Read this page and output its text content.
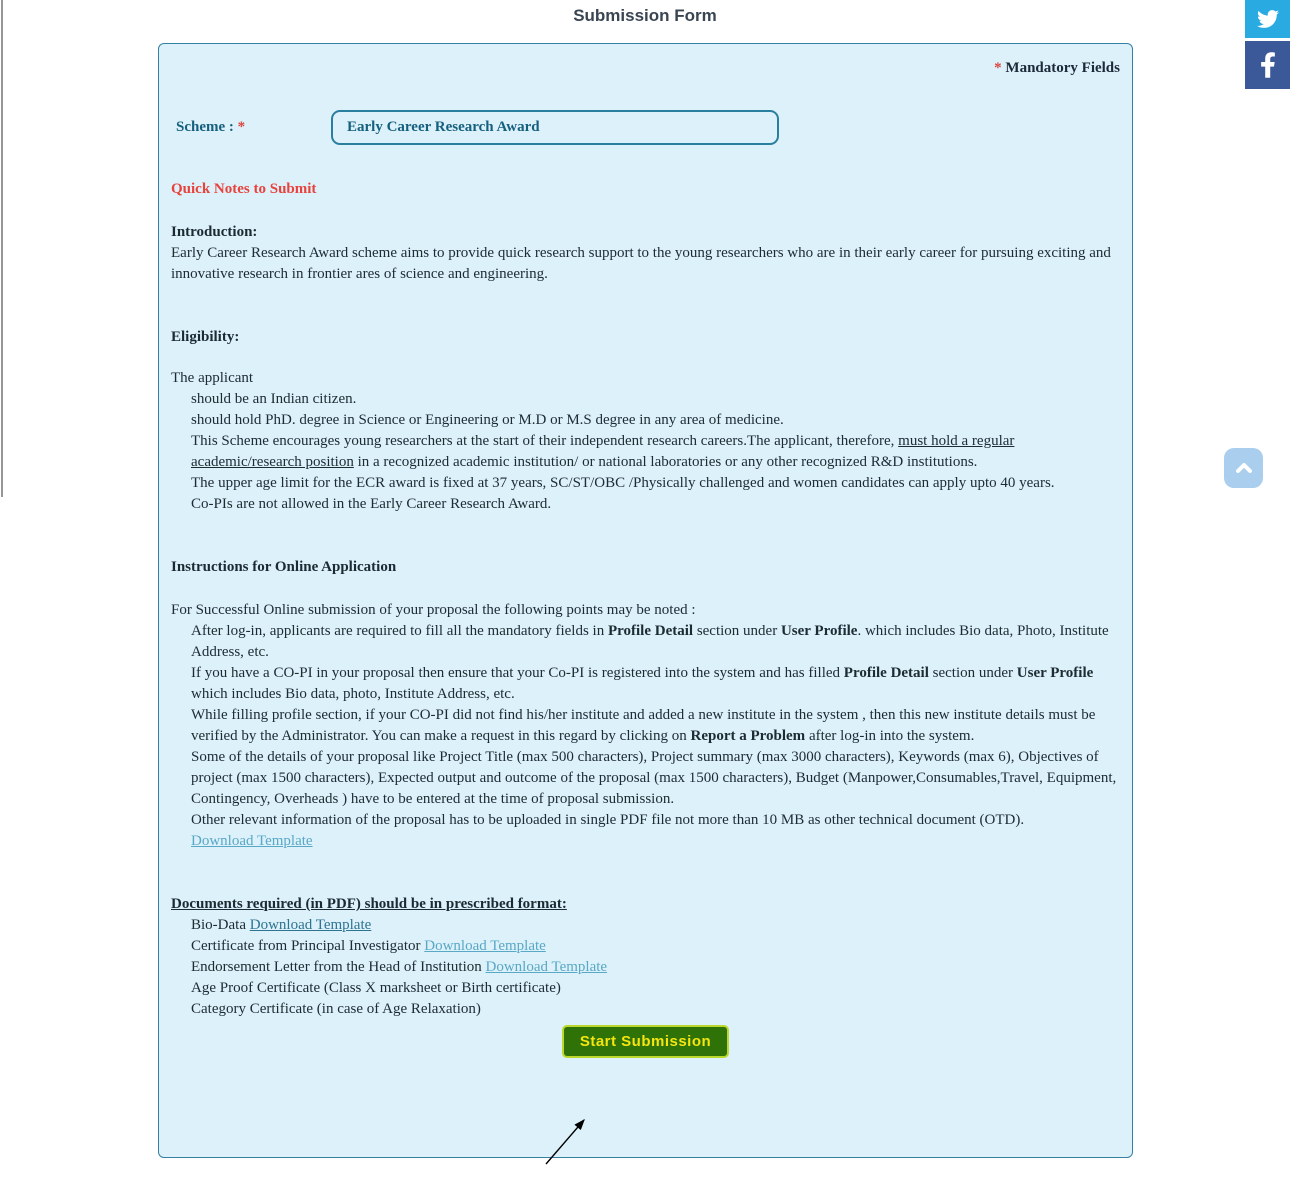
Submission Form
* Mandatory Fields
Scheme : *
Early Career Research Award
Quick Notes to Submit
Introduction:
Early Career Research Award scheme aims to provide quick research support to the young researchers who are in their early career for pursuing exciting and innovative research in frontier ares of science and engineering.
Eligibility:
The applicant
should be an Indian citizen.
should hold PhD. degree in Science or Engineering or M.D or M.S degree in any area of medicine.
This Scheme encourages young researchers at the start of their independent research careers.The applicant, therefore, must hold a regular academic/research position in a recognized academic institution/ or national laboratories or any other recognized R&D institutions.
The upper age limit for the ECR award is fixed at 37 years, SC/ST/OBC /Physically challenged and women candidates can apply upto 40 years.
Co-PIs are not allowed in the Early Career Research Award.
Instructions for Online Application
For Successful Online submission of your proposal the following points may be noted :
After log-in, applicants are required to fill all the mandatory fields in Profile Detail section under User Profile. which includes Bio data, Photo, Institute Address, etc.
If you have a CO-PI in your proposal then ensure that your Co-PI is registered into the system and has filled Profile Detail section under User Profile which includes Bio data, photo, Institute Address, etc.
While filling profile section, if your CO-PI did not find his/her institute and added a new institute in the system , then this new institute details must be verified by the Administrator. You can make a request in this regard by clicking on Report a Problem after log-in into the system.
Some of the details of your proposal like Project Title (max 500 characters), Project summary (max 3000 characters), Keywords (max 6), Objectives of project (max 1500 characters), Expected output and outcome of the proposal (max 1500 characters), Budget (Manpower,Consumables,Travel, Equipment, Contingency, Overheads ) have to be entered at the time of proposal submission.
Other relevant information of the proposal has to be uploaded in single PDF file not more than 10 MB as other technical document (OTD).
Download Template
Documents required (in PDF) should be in prescribed format:
Bio-Data Download Template
Certificate from Principal Investigator Download Template
Endorsement Letter from the Head of Institution Download Template
Age Proof Certificate (Class X marksheet or Birth certificate)
Category Certificate (in case of Age Relaxation)
Start Submission
